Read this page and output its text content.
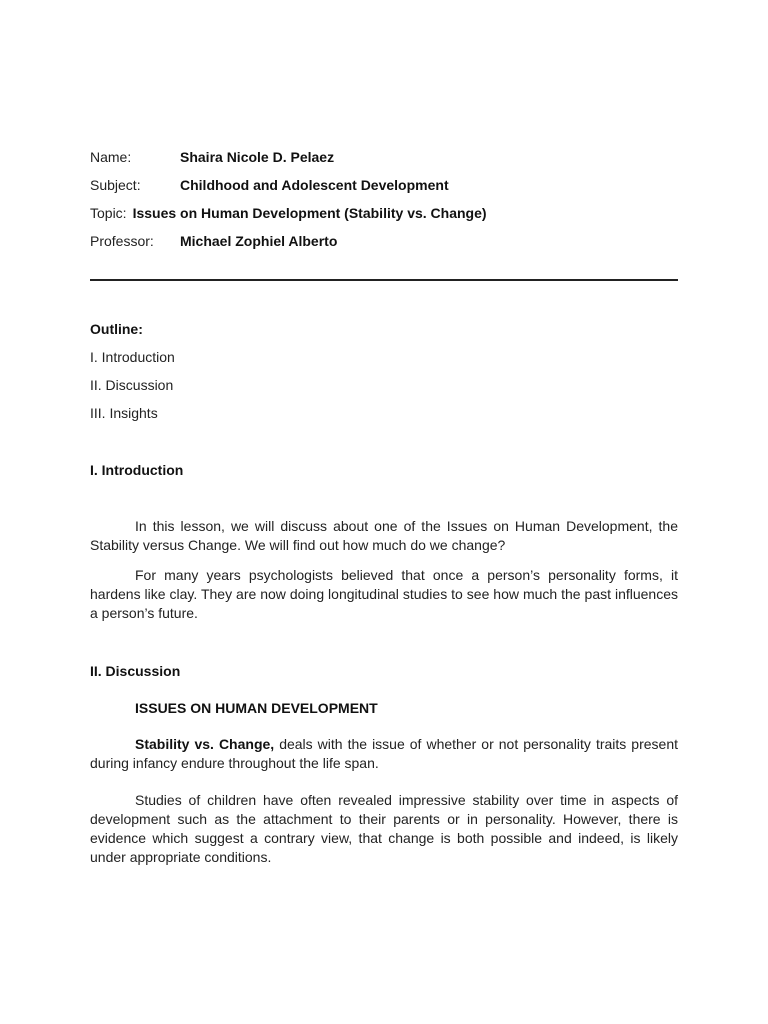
Name:	Shaira Nicole D. Pelaez
Subject:	Childhood and Adolescent Development
Topic: Issues on Human Development (Stability vs. Change)
Professor: Michael Zophiel Alberto
Outline:
I. Introduction
II. Discussion
III. Insights
I. Introduction

In this lesson, we will discuss about one of the Issues on Human Development, the Stability versus Change. We will find out how much do we change?

For many years psychologists believed that once a person’s personality forms, it hardens like clay. They are now doing longitudinal studies to see how much the past influences a person’s future.

II. Discussion
ISSUES ON HUMAN DEVELOPMENT

Stability vs. Change, deals with the issue of whether or not personality traits present during infancy endure throughout the life span.

Studies of children have often revealed impressive stability over time in aspects of development such as the attachment to their parents or in personality. However, there is evidence which suggest a contrary view, that change is both possible and indeed, is likely under appropriate conditions.
